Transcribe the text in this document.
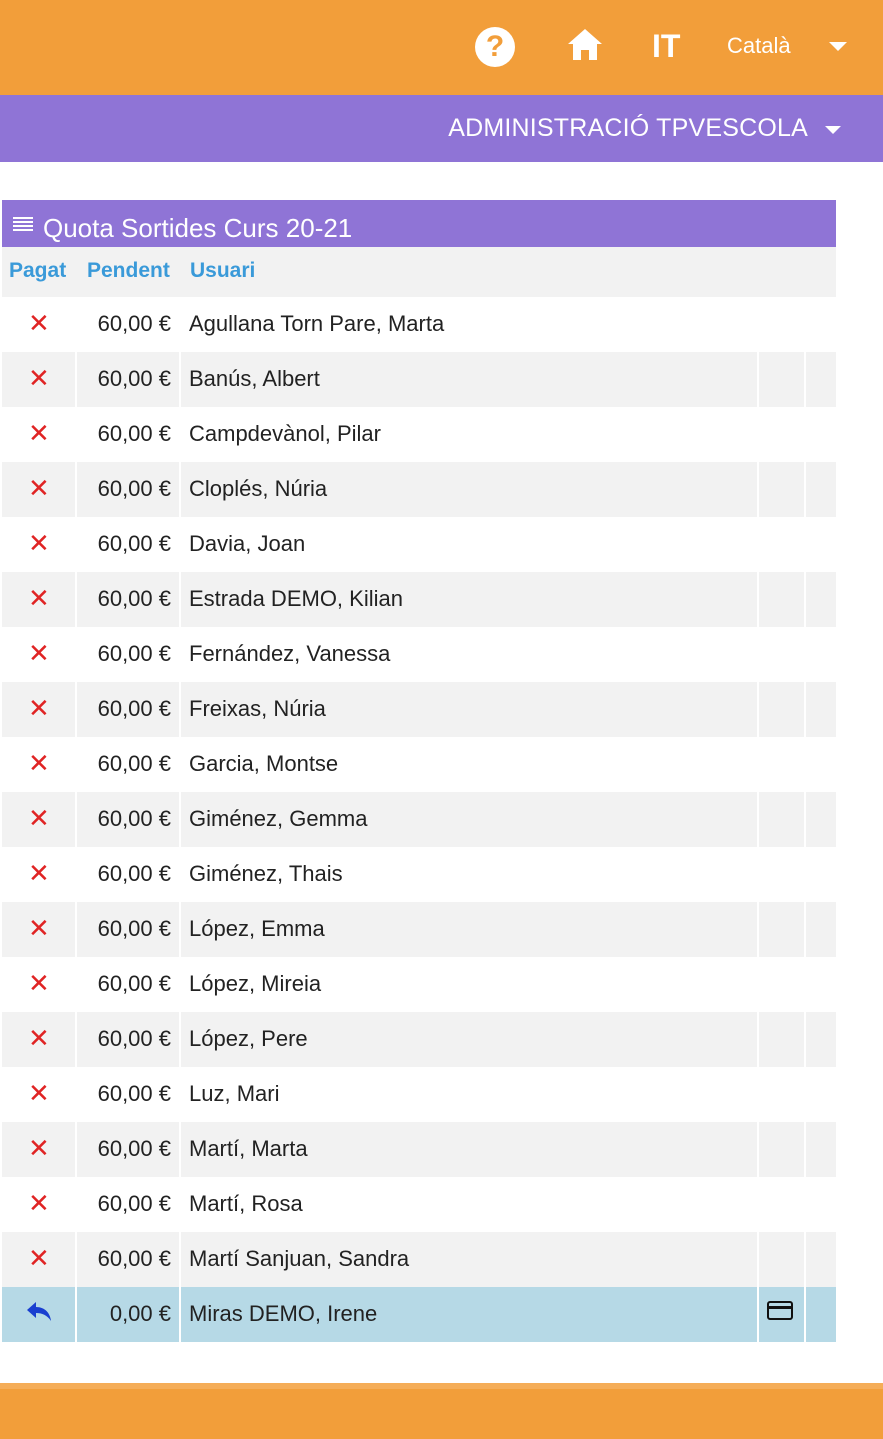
?	IT Català
ADMINISTRACIÓ TPVESCOLA
Quota Sortides Curs 20-21
Pagat Pendent Usuari
✕ 60,00 € Agullana Torn Pare, Marta
✕ 60,00 € Banús, Albert
✕ 60,00 € Campdevànol, Pilar
✕ 60,00 € Cloplés, Núria
✕ 60,00 € Davia, Joan
✕ 60,00 € Estrada DEMO, Kilian
✕ 60,00 € Fernández, Vanessa
✕ 60,00 € Freixas, Núria
✕ 60,00 € Garcia, Montse
✕ 60,00 € Giménez, Gemma
✕ 60,00 € Giménez, Thais
✕ 60,00 € López, Emma
✕ 60,00 € López, Mireia
✕ 60,00 € López, Pere
✕ 60,00 € Luz, Mari
✕ 60,00 € Martí, Marta
✕ 60,00 € Martí, Rosa
✕ 60,00 € Martí Sanjuan, Sandra
0,00 € Miras DEMO, Irene
